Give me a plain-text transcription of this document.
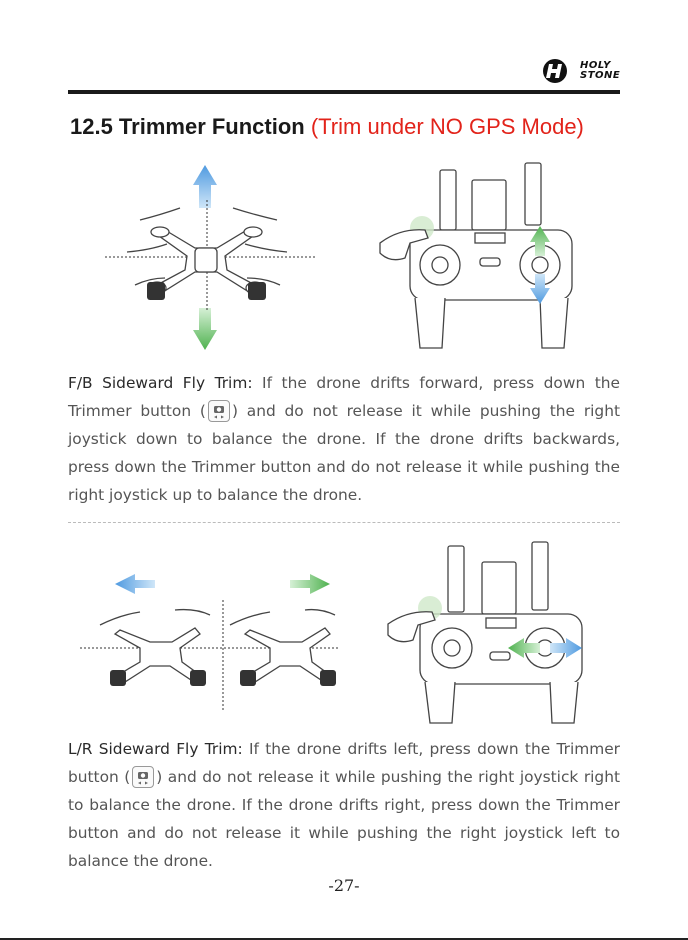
HOLY
STONE
12.5 Trimmer Function (Trim under NO GPS Mode)
F/B Sideward Fly Trim: If the drone drifts forward, press down the Trimmer button ( ) and do not release it while pushing the right joystick down to balance the drone. If the drone drifts backwards, press down the Trimmer button and do not release it while pushing the right joystick up to balance the drone.
L/R Sideward Fly Trim: If the drone drifts left, press down the Trimmer button ( ) and do not release it while pushing the right joystick right to balance the drone. If the drone drifts right, press down the Trimmer button and do not release it while pushing the right joystick left to balance the drone.
-27-
